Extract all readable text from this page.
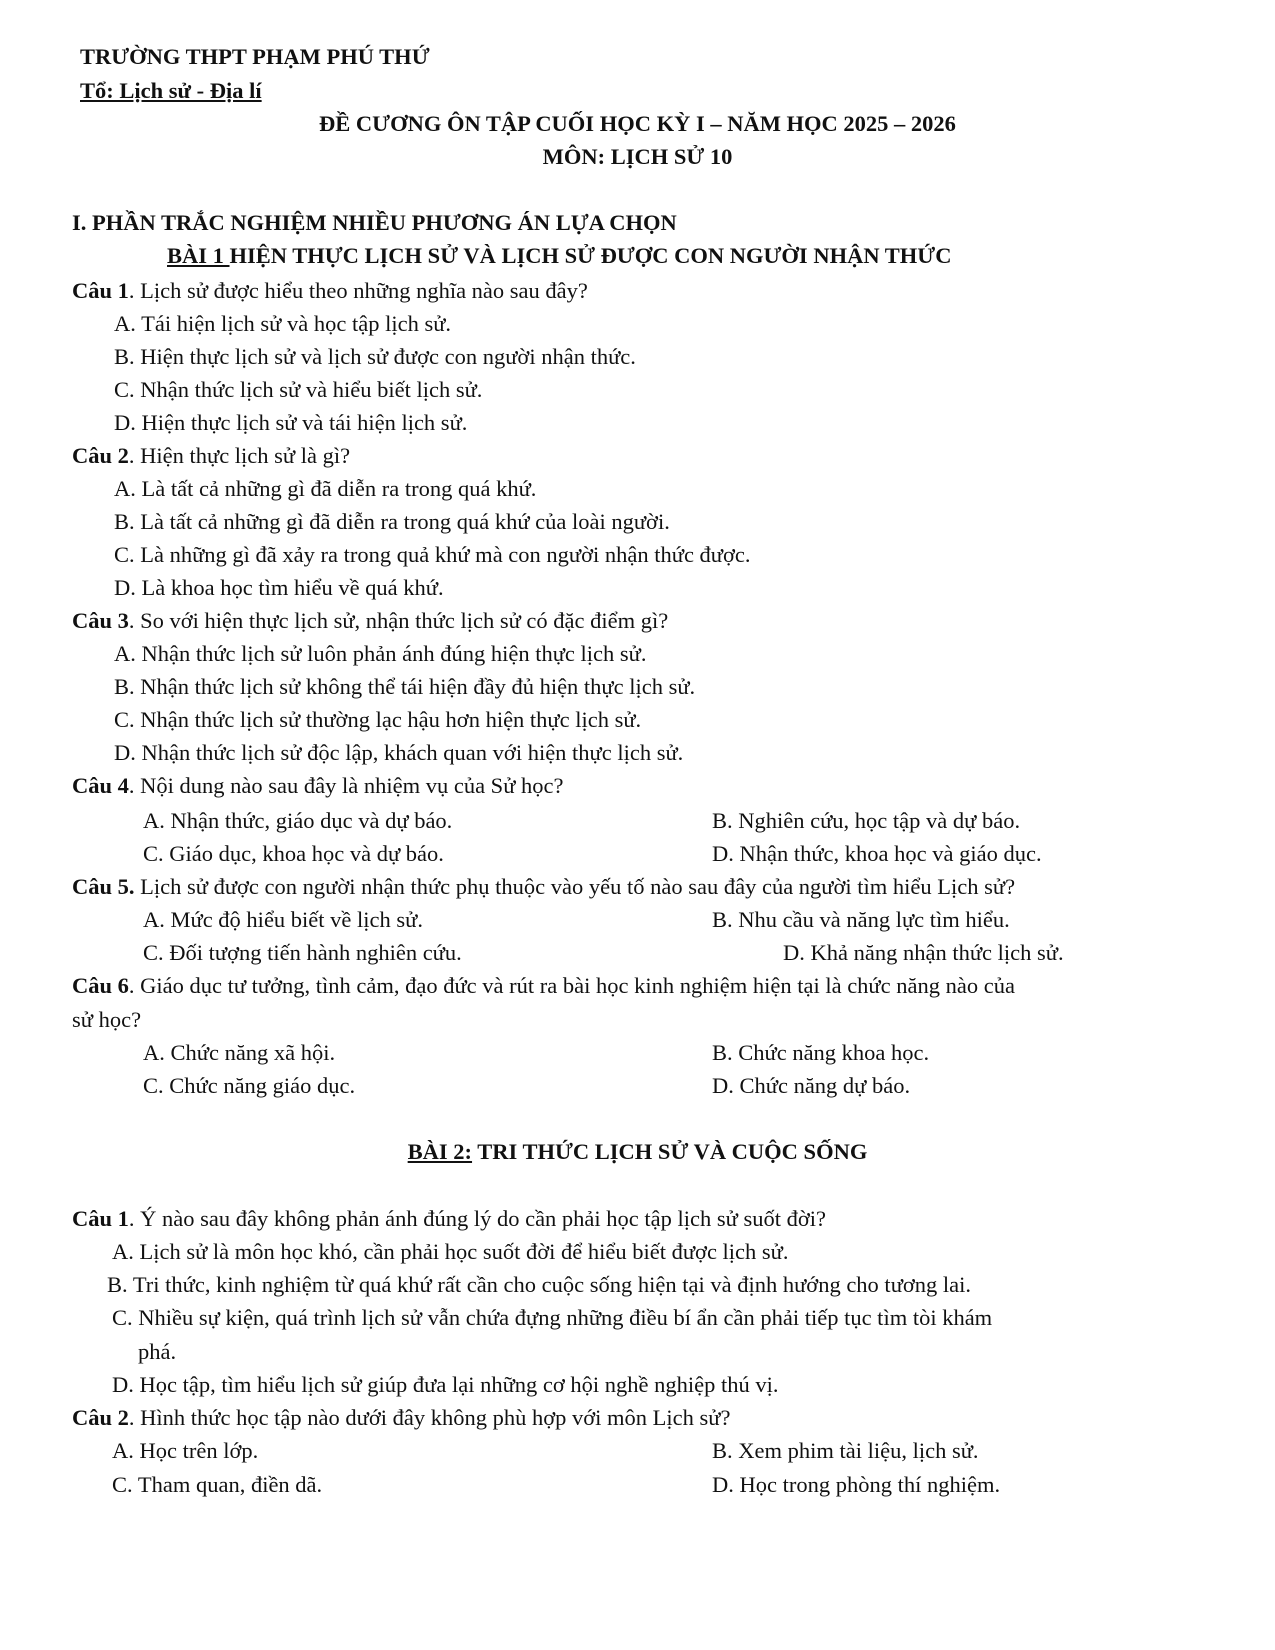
TRƯỜNG THPT PHẠM PHÚ THỨ
Tổ: Lịch sử - Địa lí
ĐỀ CƯƠNG ÔN TẬP CUỐI HỌC KỲ I – NĂM HỌC 2025 – 2026
MÔN: LỊCH SỬ 10
I. PHẦN TRẮC NGHIỆM NHIỀU PHƯƠNG ÁN LỰA CHỌN
BÀI 1 HIỆN THỰC LỊCH SỬ VÀ LỊCH SỬ ĐƯỢC CON NGƯỜI NHẬN THỨC
Câu 1. Lịch sử được hiểu theo những nghĩa nào sau đây?
A. Tái hiện lịch sử và học tập lịch sử.
B. Hiện thực lịch sử và lịch sử được con người nhận thức.
C. Nhận thức lịch sử và hiểu biết lịch sử.
D. Hiện thực lịch sử và tái hiện lịch sử.
Câu 2. Hiện thực lịch sử là gì?
A. Là tất cả những gì đã diễn ra trong quá khứ.
B. Là tất cả những gì đã diễn ra trong quá khứ của loài người.
C. Là những gì đã xảy ra trong quả khứ mà con người nhận thức được.
D. Là khoa học tìm hiểu về quá khứ.
Câu 3. So với hiện thực lịch sử, nhận thức lịch sử có đặc điểm gì?
A. Nhận thức lịch sử luôn phản ánh đúng hiện thực lịch sử.
B. Nhận thức lịch sử không thể tái hiện đầy đủ hiện thực lịch sử.
C. Nhận thức lịch sử thường lạc hậu hơn hiện thực lịch sử.
D. Nhận thức lịch sử độc lập, khách quan với hiện thực lịch sử.
Câu 4. Nội dung nào sau đây là nhiệm vụ của Sử học?
A. Nhận thức, giáo dục và dự báo.	B. Nghiên cứu, học tập và dự báo.
C. Giáo dục, khoa học và dự báo.	D. Nhận thức, khoa học và giáo dục.
Câu 5. Lịch sử được con người nhận thức phụ thuộc vào yếu tố nào sau đây của người tìm hiểu Lịch sử?
A. Mức độ hiểu biết về lịch sử.	B. Nhu cầu và năng lực tìm hiểu.
C. Đối tượng tiến hành nghiên cứu.	D. Khả năng nhận thức lịch sử.
Câu 6. Giáo dục tư tưởng, tình cảm, đạo đức và rút ra bài học kinh nghiệm hiện tại là chức năng nào của
sử học?
A. Chức năng xã hội.	B. Chức năng khoa học.
C. Chức năng giáo dục.	D. Chức năng dự báo.
BÀI 2: TRI THỨC LỊCH SỬ VÀ CUỘC SỐNG
Câu 1. Ý nào sau đây không phản ánh đúng lý do cần phải học tập lịch sử suốt đời?
A. Lịch sử là môn học khó, cần phải học suốt đời để hiểu biết được lịch sử.
B. Tri thức, kinh nghiệm từ quá khứ rất cần cho cuộc sống hiện tại và định hướng cho tương lai.
C. Nhiều sự kiện, quá trình lịch sử vẫn chứa đựng những điều bí ẩn cần phải tiếp tục tìm tòi khám
phá.
D. Học tập, tìm hiểu lịch sử giúp đưa lại những cơ hội nghề nghiệp thú vị.
Câu 2. Hình thức học tập nào dưới đây không phù hợp với môn Lịch sử?
A. Học trên lớp.	B. Xem phim tài liệu, lịch sử.
C. Tham quan, điền dã.	D. Học trong phòng thí nghiệm.
